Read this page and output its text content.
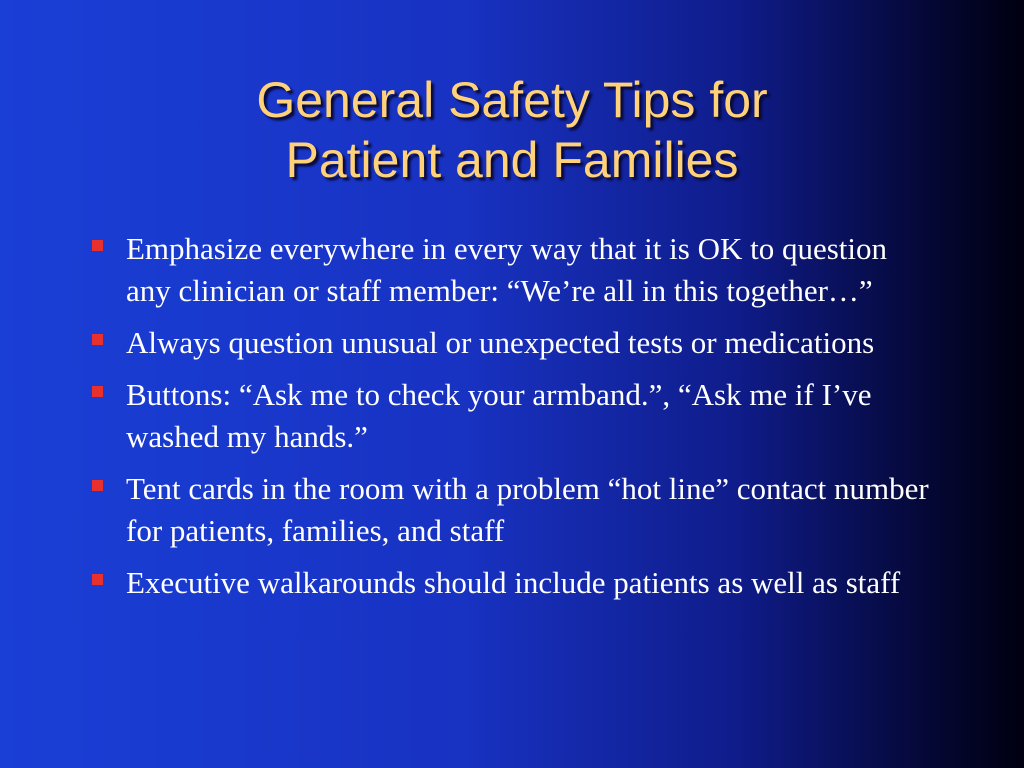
General Safety Tips for
Patient and Families
Emphasize everywhere in every way that it is OK to question any clinician or staff member: “We’re all in this together…”
Always question unusual or unexpected tests or medications
Buttons: “Ask me to check your armband.”, “Ask me if I’ve washed my hands.”
Tent cards in the room with a problem “hot line” contact number for patients, families, and staff
Executive walkarounds should include patients as well as staff
